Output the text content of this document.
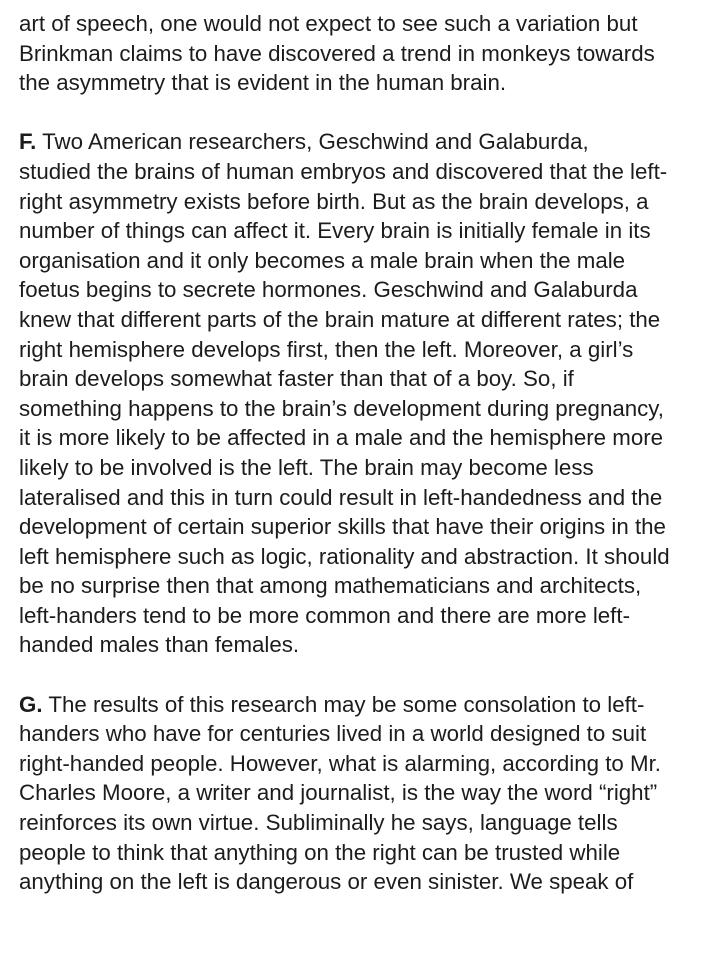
art of speech, one would not expect to see such a variation but
Brinkman claims to have discovered a trend in monkeys towards
the asymmetry that is evident in the human brain.
F. Two American researchers, Geschwind and Galaburda,
studied the brains of human embryos and discovered that the left-
right asymmetry exists before birth. But as the brain develops, a
number of things can affect it. Every brain is initially female in its
organisation and it only becomes a male brain when the male
foetus begins to secrete hormones. Geschwind and Galaburda
knew that different parts of the brain mature at different rates; the
right hemisphere develops first, then the left. Moreover, a girl’s
brain develops somewhat faster than that of a boy. So, if
something happens to the brain’s development during pregnancy,
it is more likely to be affected in a male and the hemisphere more
likely to be involved is the left. The brain may become less
lateralised and this in turn could result in left-handedness and the
development of certain superior skills that have their origins in the
left hemisphere such as logic, rationality and abstraction. It should
be no surprise then that among mathematicians and architects,
left-handers tend to be more common and there are more left-
handed males than females.
G. The results of this research may be some consolation to left-
handers who have for centuries lived in a world designed to suit
right-handed people. However, what is alarming, according to Mr.
Charles Moore, a writer and journalist, is the way the word “right”
reinforces its own virtue. Subliminally he says, language tells
people to think that anything on the right can be trusted while
anything on the left is dangerous or even sinister. We speak of
